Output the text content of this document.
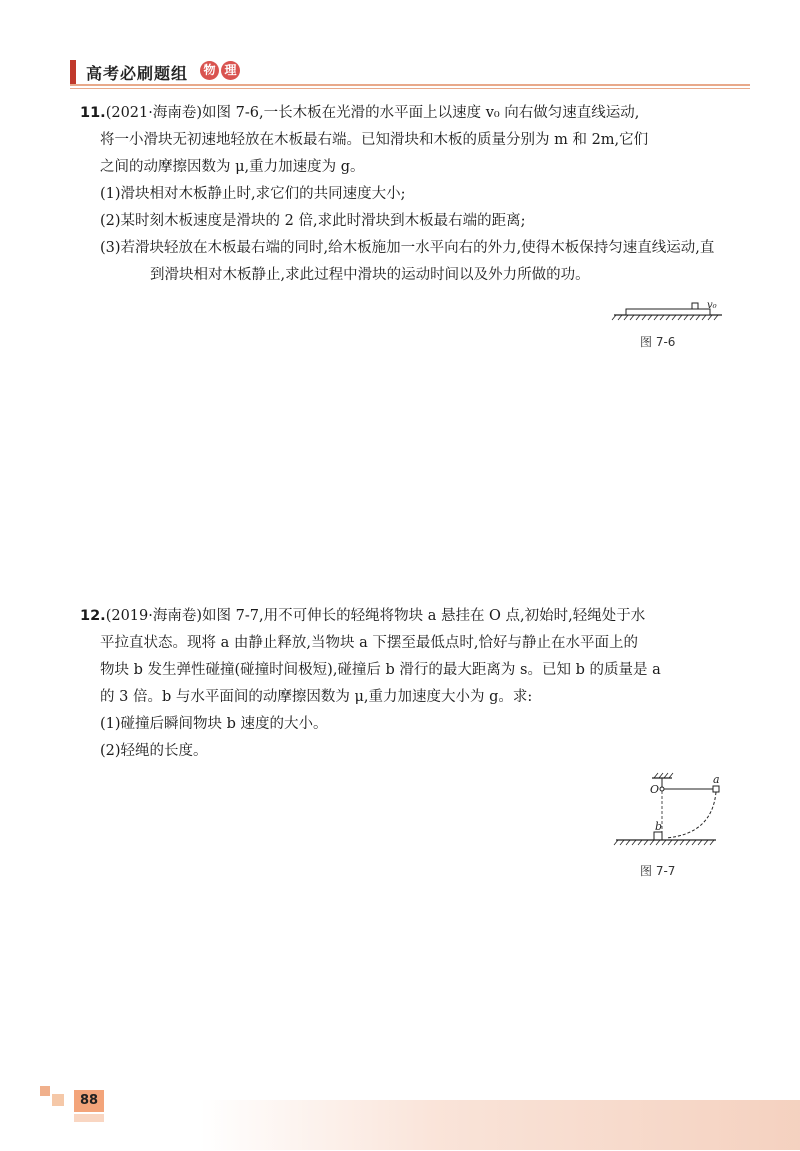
高考必刷题组 物 理

11.(2021·海南卷)如图 7-6,一长木板在光滑的水平面上以速度 v₀ 向右做匀速直线运动,

将一小滑块无初速地轻放在木板最右端。已知滑块和木板的质量分别为 m 和 2m,它们

之间的动摩擦因数为 μ,重力加速度为 g。

(1)滑块相对木板静止时,求它们的共同速度大小;

(2)某时刻木板速度是滑块的 2 倍,求此时滑块到木板最右端的距离;

(3)若滑块轻放在木板最右端的同时,给木板施加一水平向右的外力,使得木板保持匀速直线运动,直到滑块相对木板静止,求此过程中滑块的运动时间以及外力所做的功。

v₀
图 7-6

12.(2019·海南卷)如图 7-7,用不可伸长的轻绳将物块 a 悬挂在 O 点,初始时,轻绳处于水

平拉直状态。现将 a 由静止释放,当物块 a 下摆至最低点时,恰好与静止在水平面上的

物块 b 发生弹性碰撞(碰撞时间极短),碰撞后 b 滑行的最大距离为 s。已知 b 的质量是 a

的 3 倍。b 与水平面间的动摩擦因数为 μ,重力加速度大小为 g。求:

(1)碰撞后瞬间物块 b 速度的大小。

(2)轻绳的长度。

O
a
b
图 7-7
88
